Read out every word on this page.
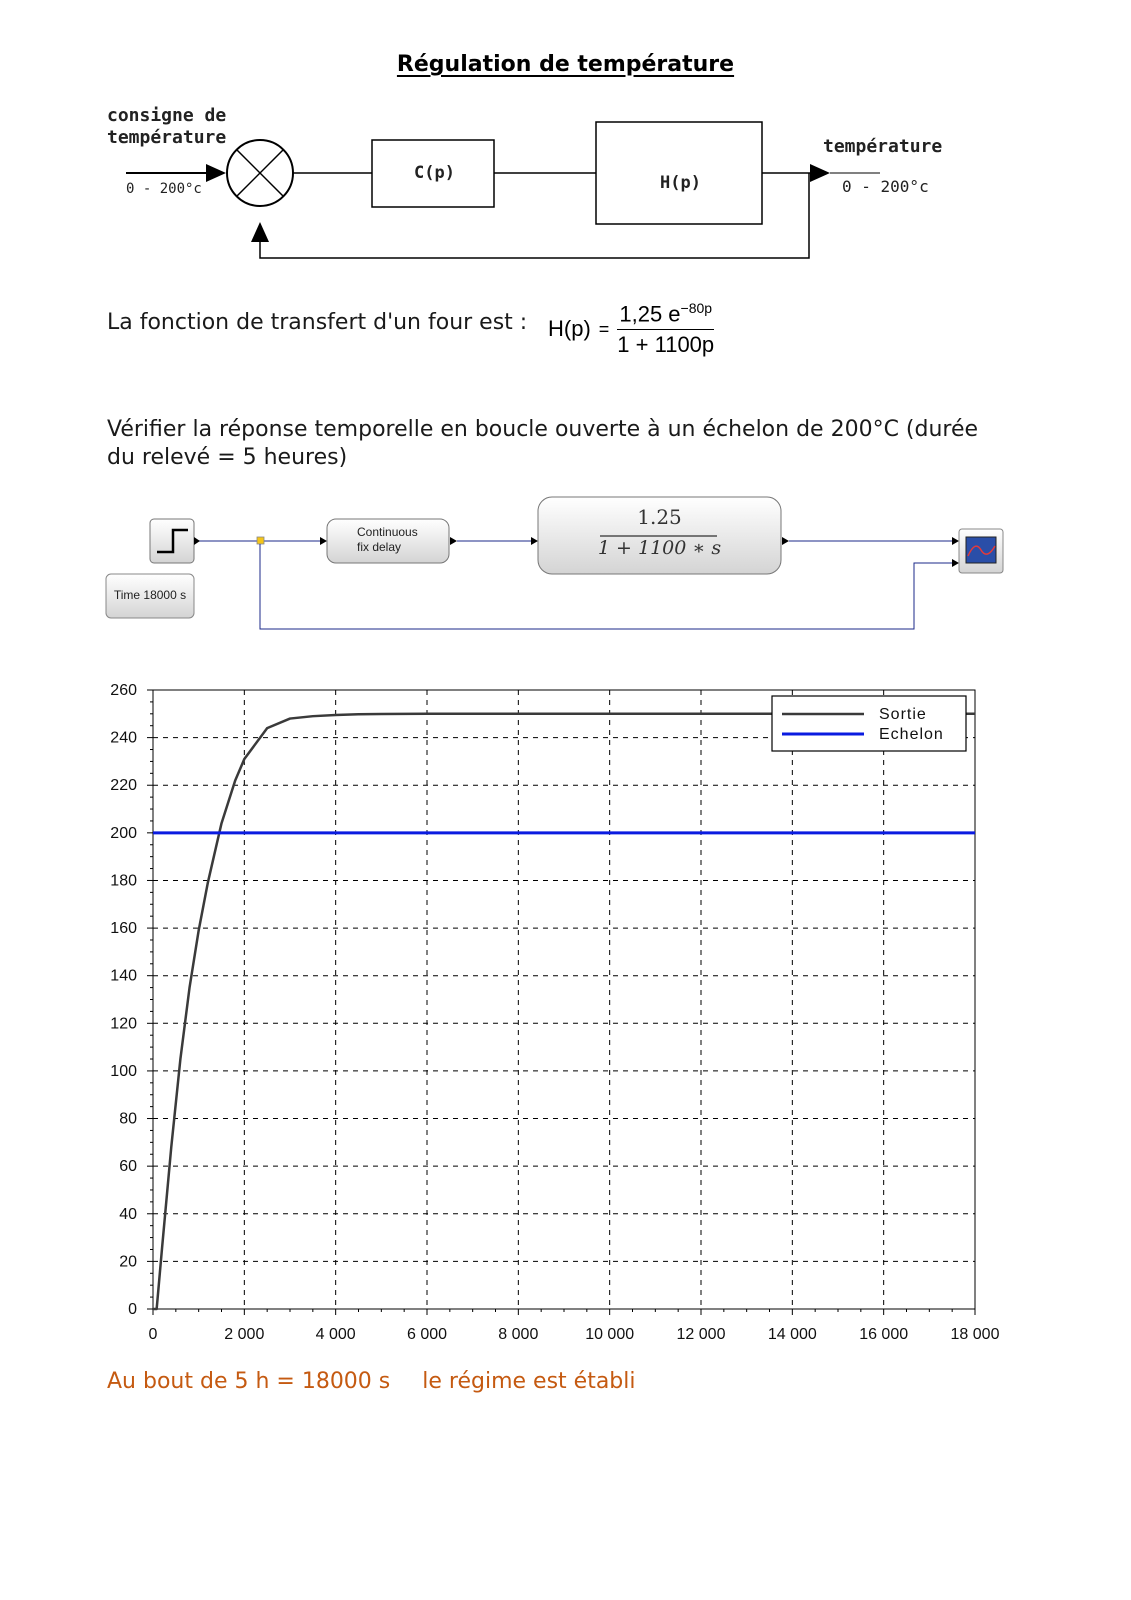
Régulation de température
consigne de
température
0 - 200°c
C(p)	H(p)
température
0 - 200°c
La fonction de transfert d'un four est : $H(p) = \frac{1,25 e^{-80p}}{1 + 1100p}$
Vérifier la réponse temporelle en boucle ouverte à un échelon de 200°C (durée
du relevé = 5 heures)
Continuous
fix delay
1.25
1 + 1100 ∗ s
Time 18000 s
0	2 000	4 000	6 000	8 000	10 000	12 000	14 000	16 000	18 000
0
20
40
60
80
100
120
140
160
180
200
220
240
260
Sortie
Echelon
Au bout de 5 h = 18000 s le régime est établi
